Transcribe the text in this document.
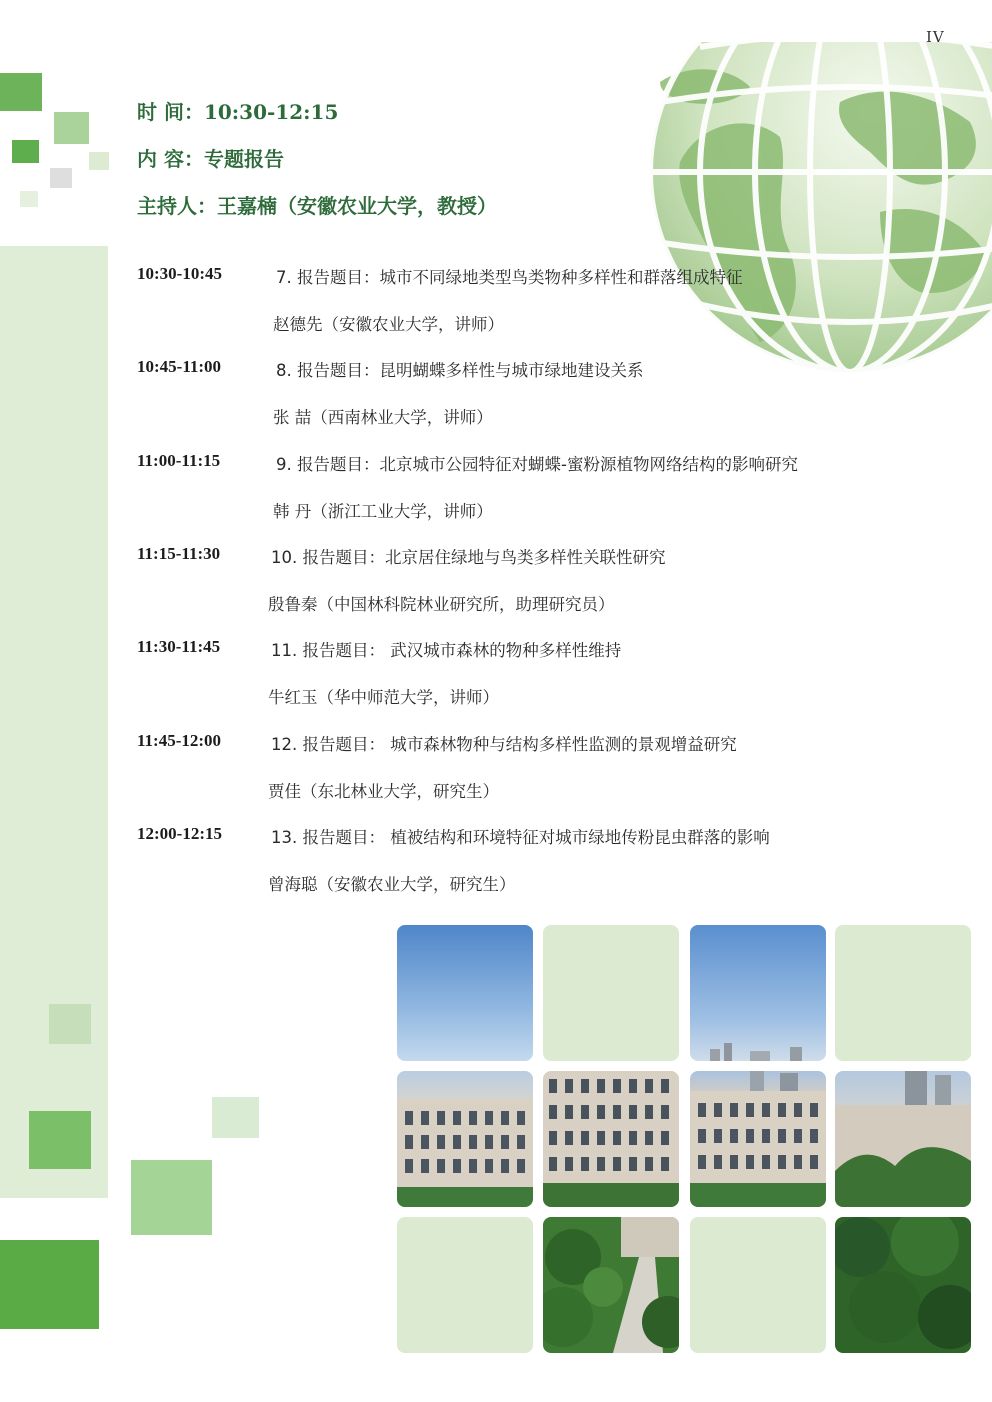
IV
时 间：10:30-12:15
内 容：专题报告
主持人：王嘉楠（安徽农业大学，教授）
10:30-10:45	7. 报告题目：城市不同绿地类型鸟类物种多样性和群落组成特征
赵德先（安徽农业大学，讲师）
10:45-11:00	8. 报告题目：昆明蝴蝶多样性与城市绿地建设关系
张 喆（西南林业大学，讲师）
11:00-11:15	9. 报告题目：北京城市公园特征对蝴蝶-蜜粉源植物网络结构的影响研究
韩 丹（浙江工业大学，讲师）
11:15-11:30	10. 报告题目：北京居住绿地与鸟类多样性关联性研究
殷鲁秦（中国林科院林业研究所，助理研究员）
11:30-11:45	11. 报告题目： 武汉城市森林的物种多样性维持
牛红玉（华中师范大学，讲师）
11:45-12:00	12. 报告题目： 城市森林物种与结构多样性监测的景观增益研究
贾佳（东北林业大学，研究生）
12:00-12:15	13. 报告题目： 植被结构和环境特征对城市绿地传粉昆虫群落的影响
曾海聪（安徽农业大学，研究生）
